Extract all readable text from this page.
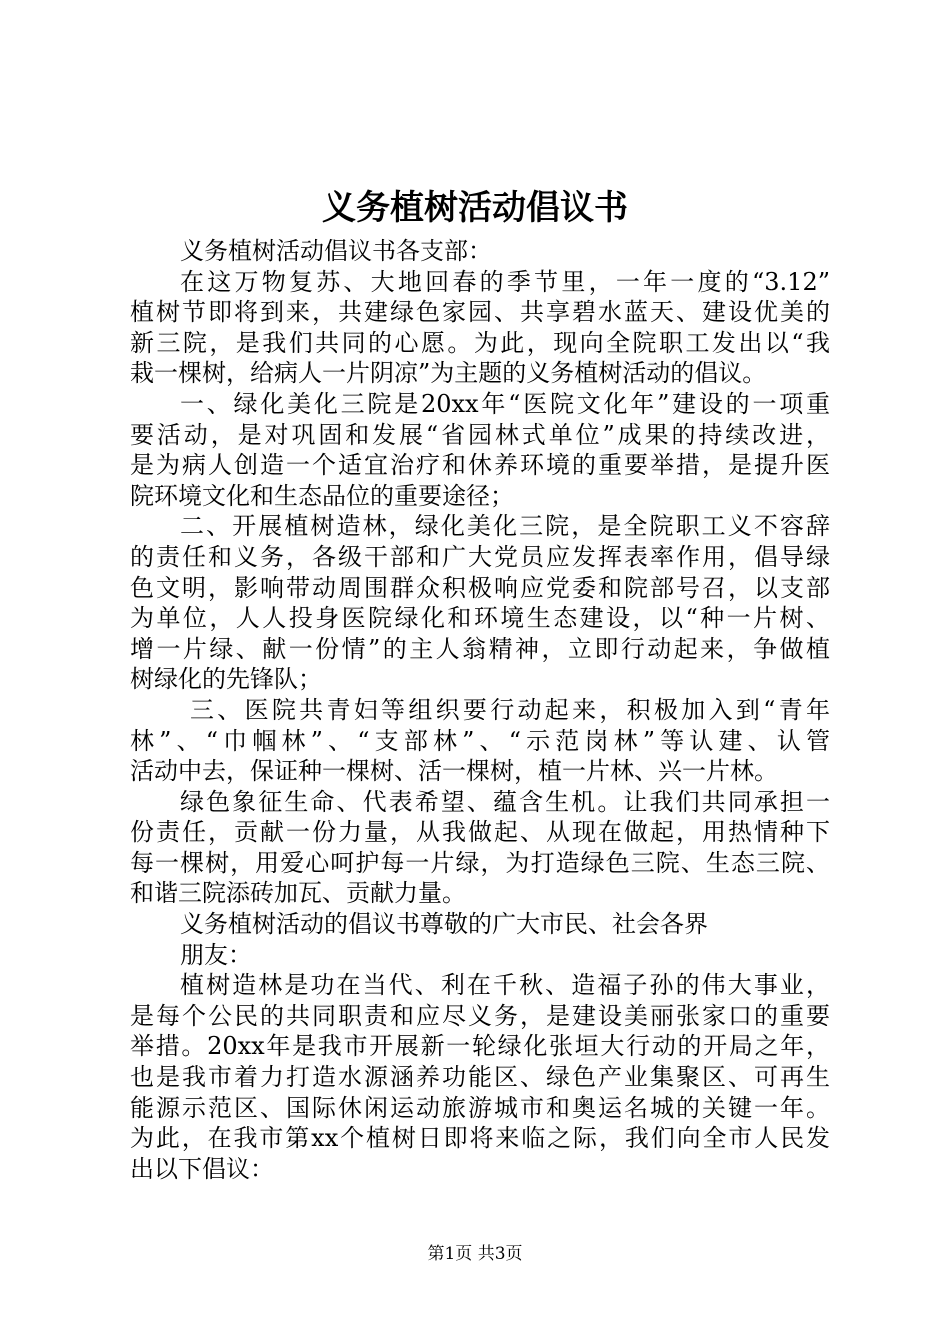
义务植树活动倡议书
义务植树活动倡议书各支部：
在这万物复苏、大地回春的季节里，一年一度的“3.12”
植树节即将到来，共建绿色家园、共享碧水蓝天、建设优美的
新三院，是我们共同的心愿。为此，现向全院职工发出以“我
栽一棵树，给病人一片阴凉”为主题的义务植树活动的倡议。
一、绿化美化三院是20xx年“医院文化年”建设的一项重
要活动，是对巩固和发展“省园林式单位”成果的持续改进，
是为病人创造一个适宜治疗和休养环境的重要举措，是提升医
院环境文化和生态品位的重要途径；
二、开展植树造林，绿化美化三院，是全院职工义不容辞
的责任和义务，各级干部和广大党员应发挥表率作用，倡导绿
色文明，影响带动周围群众积极响应党委和院部号召，以支部
为单位，人人投身医院绿化和环境生态建设，以“种一片树、
增一片绿、献一份情”的主人翁精神，立即行动起来，争做植
树绿化的先锋队；
三、医院共青妇等组织要行动起来，积极加入到“青年
林”、“巾帼林”、“支部林”、“示范岗林”等认建、认管
活动中去，保证种一棵树、活一棵树，植一片林、兴一片林。
绿色象征生命、代表希望、蕴含生机。让我们共同承担一
份责任，贡献一份力量，从我做起、从现在做起，用热情种下
每一棵树，用爱心呵护每一片绿，为打造绿色三院、生态三院、
和谐三院添砖加瓦、贡献力量。
义务植树活动的倡议书尊敬的广大市民、社会各界
朋友：
植树造林是功在当代、利在千秋、造福子孙的伟大事业，
是每个公民的共同职责和应尽义务，是建设美丽张家口的重要
举措。20xx年是我市开展新一轮绿化张垣大行动的开局之年，
也是我市着力打造水源涵养功能区、绿色产业集聚区、可再生
能源示范区、国际休闲运动旅游城市和奥运名城的关键一年。
为此，在我市第xx个植树日即将来临之际，我们向全市人民发
出以下倡议：
第1页 共3页
